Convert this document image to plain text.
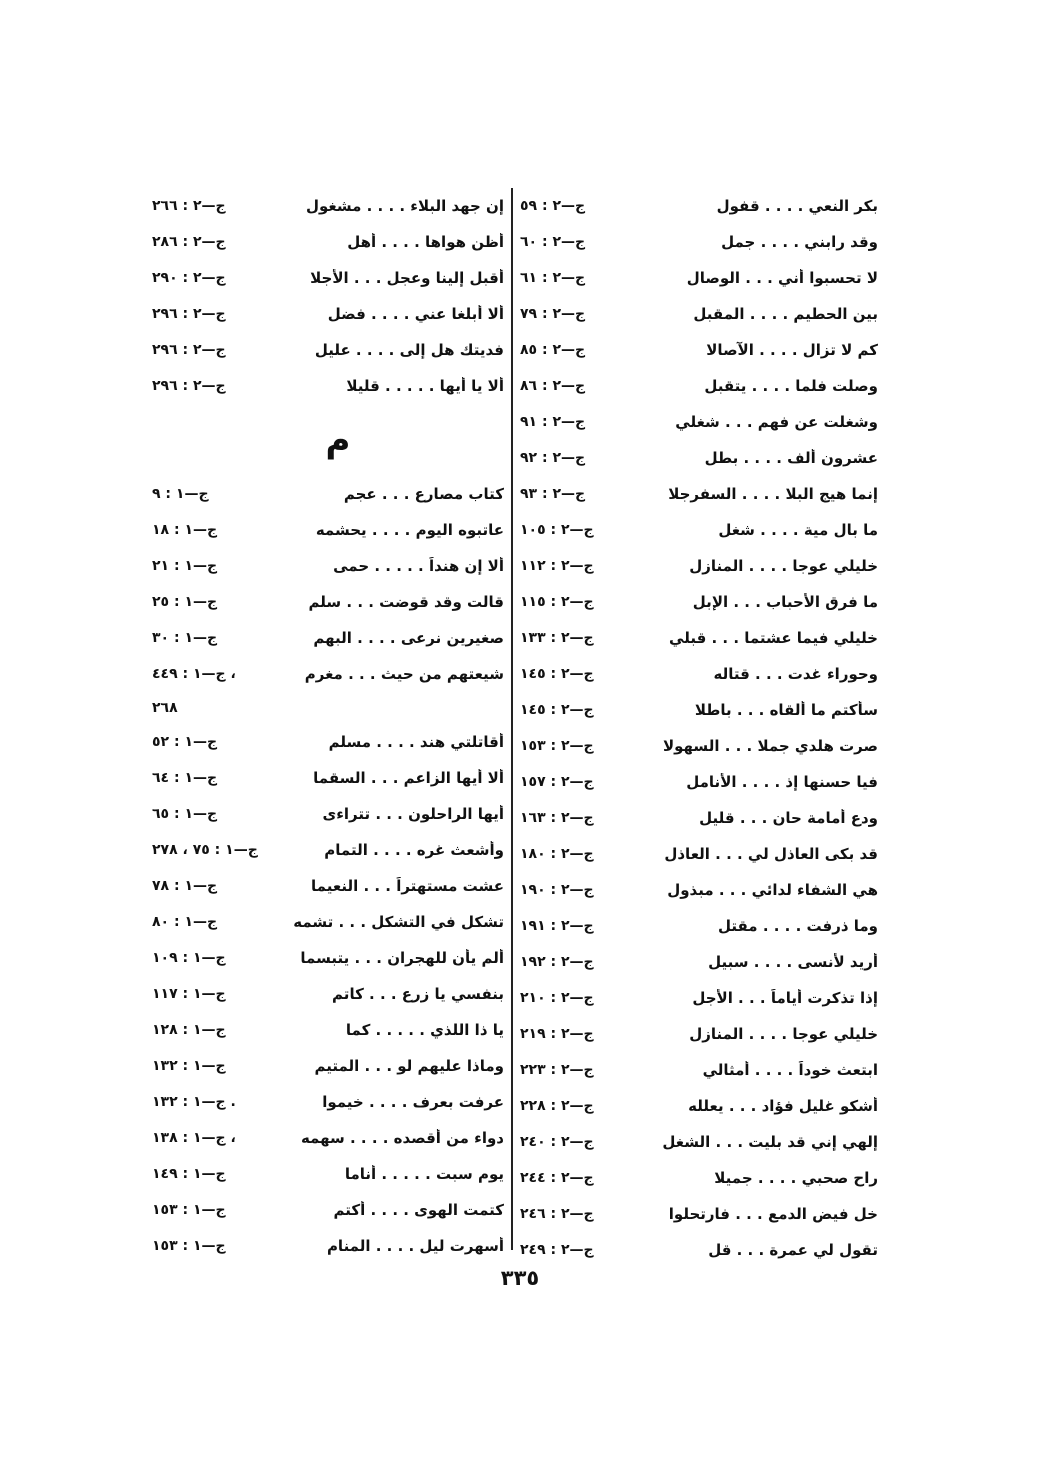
بكر النعي . . . . قفول
ج—٢ : ٥٩
وقد رابني . . . . جمل
ج—٢ : ٦٠
لا تحسبوا أني . . . الوصال
ج—٢ : ٦١
بين الحطيم . . . . المقبل
ج—٢ : ٧٩
كم لا تزال . . . . الآصالا
ج—٢ : ٨٥
وصلت فلما . . . . يتقبل
ج—٢ : ٨٦
وشغلت عن فهم . . . شغلي
ج—٢ : ٩١
عشرون ألف . . . . بطل
ج—٢ : ٩٢
إنما هيج البلا . . . . السفرجلا
ج—٢ : ٩٣
ما بال مية . . . . شغل
ج—٢ : ١٠٥
خليلي عوجا . . . . المنازل
ج—٢ : ١١٢
ما فرق الأحباب . . . الإبل
ج—٢ : ١١٥
خليلي فيما عشتما . . . قبلي
ج—٢ : ١٣٣
وحوراء غدت . . . قتاله
ج—٢ : ١٤٥
سأكتم ما ألقاه . . . باطلا
ج—٢ : ١٤٥
صرت هلدي جملا . . . السهولا
ج—٢ : ١٥٣
فيا حسنها إذ . . . . الأنامل
ج—٢ : ١٥٧
ودع أمامة حان . . . قليل
ج—٢ : ١٦٣
قد بكى العاذل لي . . . العاذل
ج—٢ : ١٨٠
هي الشفاء لدائي . . . مبذول
ج—٢ : ١٩٠
وما ذرفت . . . . مقتل
ج—٢ : ١٩١
أريد لأنسى . . . . سبيل
ج—٢ : ١٩٢
إذا تذكرت أياماً . . . الأجل
ج—٢ : ٢١٠
خليلي عوجا . . . . المنازل
ج—٢ : ٢١٩
ابتعث خوداً . . . . أمثالي
ج—٢ : ٢٢٣
أشكو غليل فؤاد . . . يعلله
ج—٢ : ٢٢٨
إلهي إني قد بليت . . . الشغل
ج—٢ : ٢٤٠
راح صحبي . . . . جميلا
ج—٢ : ٢٤٤
خل فيض الدمع . . . فارتحلوا
ج—٢ : ٢٤٦
تقول لي عمرة . . . قل
ج—٢ : ٢٤٩
إن جهد البلاء . . . . مشغول
ج—٢ : ٢٦٦
أظن هواها . . . . أهل
ج—٢ : ٢٨٦
أقبل إلينا وعجل . . . الأجلا
ج—٢ : ٢٩٠
ألا أبلغا عني . . . . فضل
ج—٢ : ٢٩٦
فديتك هل إلى . . . . عليل
ج—٢ : ٢٩٦
ألا يا أيها . . . . . قليلا
ج—٢ : ٢٩٦
م
كتاب مصارع . . . عجم
ج—١ : ٩
عاتبوه اليوم . . . . يحشمه
ج—١ : ١٨
ألا إن هنداً . . . . . حمى
ج—١ : ٢١
قالت وقد قوضت . . . سلم
ج—١ : ٢٥
صغيرين نرعى . . . . البهم
ج—١ : ٣٠
شيعتهم من حيث . . . مغرم
ج—١ : ٤٤٩ ،
٢٦٨
أقاتلتي هند . . . . مسلم
ج—١ : ٥٢
ألا أيها الزاعم . . . السقما
ج—١ : ٦٤
أيها الراحلون . . . تتراءى
ج—١ : ٦٥
وأشعث غره . . . . التمام
ج—١ : ٧٥ ، ٢٧٨
عشت مستهتراً . . . النعيما
ج—١ : ٧٨
تشكل في التشكل . . . تشمه
ج—١ : ٨٠
ألم يأن للهجران . . . يتبسما
ج—١ : ١٠٩
بنفسي يا زرع . . . كاتم
ج—١ : ١١٧
يا ذا اللذي . . . . . كما
ج—١ : ١٢٨
وماذا عليهم لو . . . المتيم
ج—١ : ١٣٢
عرفت بعرف . . . . خيموا
ج—١ : ١٣٢ .
دواء من أقصده . . . . سهمه
ج—١ : ١٣٨ ،
يوم سبت . . . . . أناما
ج—١ : ١٤٩
كتمت الهوى . . . . أكتم
ج—١ : ١٥٣
أسهرت ليل . . . . المنام
ج—١ : ١٥٣
٣٣٥
